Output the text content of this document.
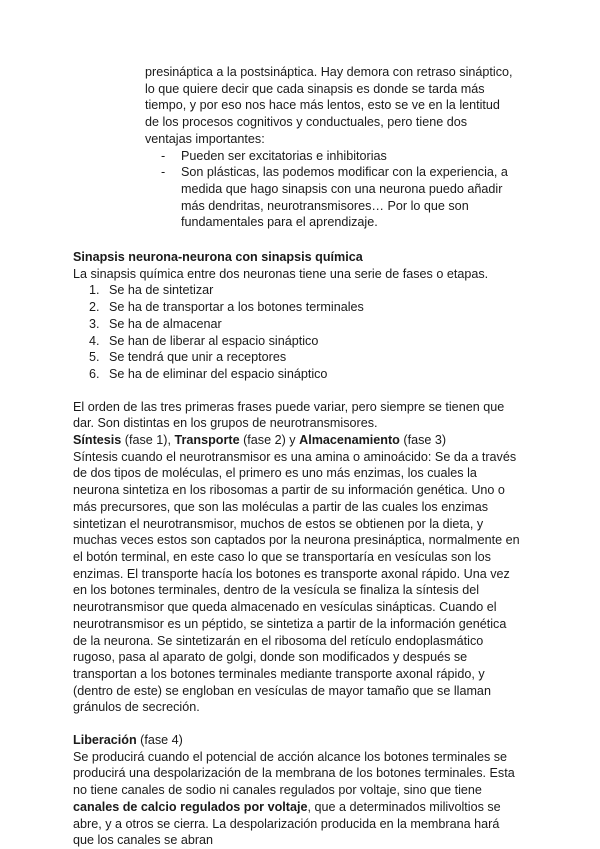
presináptica a la postsináptica. Hay demora con retraso sináptico, lo que quiere decir que cada sinapsis es donde se tarda más tiempo, y por eso nos hace más lentos, esto se ve en la lentitud de los procesos cognitivos y conductuales, pero tiene dos ventajas importantes:

- Pueden ser excitatorias e inhibitorias
- Son plásticas, las podemos modificar con la experiencia, a medida que hago sinapsis con una neurona puedo añadir más dendritas, neurotransmisores… Por lo que son fundamentales para el aprendizaje.

Sinapsis neurona-neurona con sinapsis química

La sinapsis química entre dos neuronas tiene una serie de fases o etapas.

1. Se ha de sintetizar
2. Se ha de transportar a los botones terminales
3. Se ha de almacenar
4. Se han de liberar al espacio sináptico
5. Se tendrá que unir a receptores
6. Se ha de eliminar del espacio sináptico

El orden de las tres primeras frases puede variar, pero siempre se tienen que dar. Son distintas en los grupos de neurotransmisores.

Síntesis (fase 1), Transporte (fase 2) y Almacenamiento (fase 3)

Síntesis cuando el neurotransmisor es una amina o aminoácido: Se da a través de dos tipos de moléculas, el primero es uno más enzimas, los cuales la neurona sintetiza en los ribosomas a partir de su información genética. Uno o más precursores, que son las moléculas a partir de las cuales los enzimas sintetizan el neurotransmisor, muchos de estos se obtienen por la dieta, y muchas veces estos son captados por la neurona presináptica, normalmente en el botón terminal, en este caso lo que se transportaría en vesículas son los enzimas. El transporte hacía los botones es transporte axonal rápido. Una vez en los botones terminales, dentro de la vesícula se finaliza la síntesis del neurotransmisor que queda almacenado en vesículas sinápticas. Cuando el neurotransmisor es un péptido, se sintetiza a partir de la información genética de la neurona. Se sintetizarán en el ribosoma del retículo endoplasmático rugoso, pasa al aparato de golgi, donde son modificados y después se transportan a los botones terminales mediante transporte axonal rápido, y (dentro de este) se engloban en vesículas de mayor tamaño que se llaman gránulos de secreción.

Liberación (fase 4)

Se producirá cuando el potencial de acción alcance los botones terminales se producirá una despolarización de la membrana de los botones terminales. Esta no tiene canales de sodio ni canales regulados por voltaje, sino que tiene canales de calcio regulados por voltaje, que a determinados milivoltios se abre, y a otros se cierra. La despolarización producida en la membrana hará que los canales se abran
